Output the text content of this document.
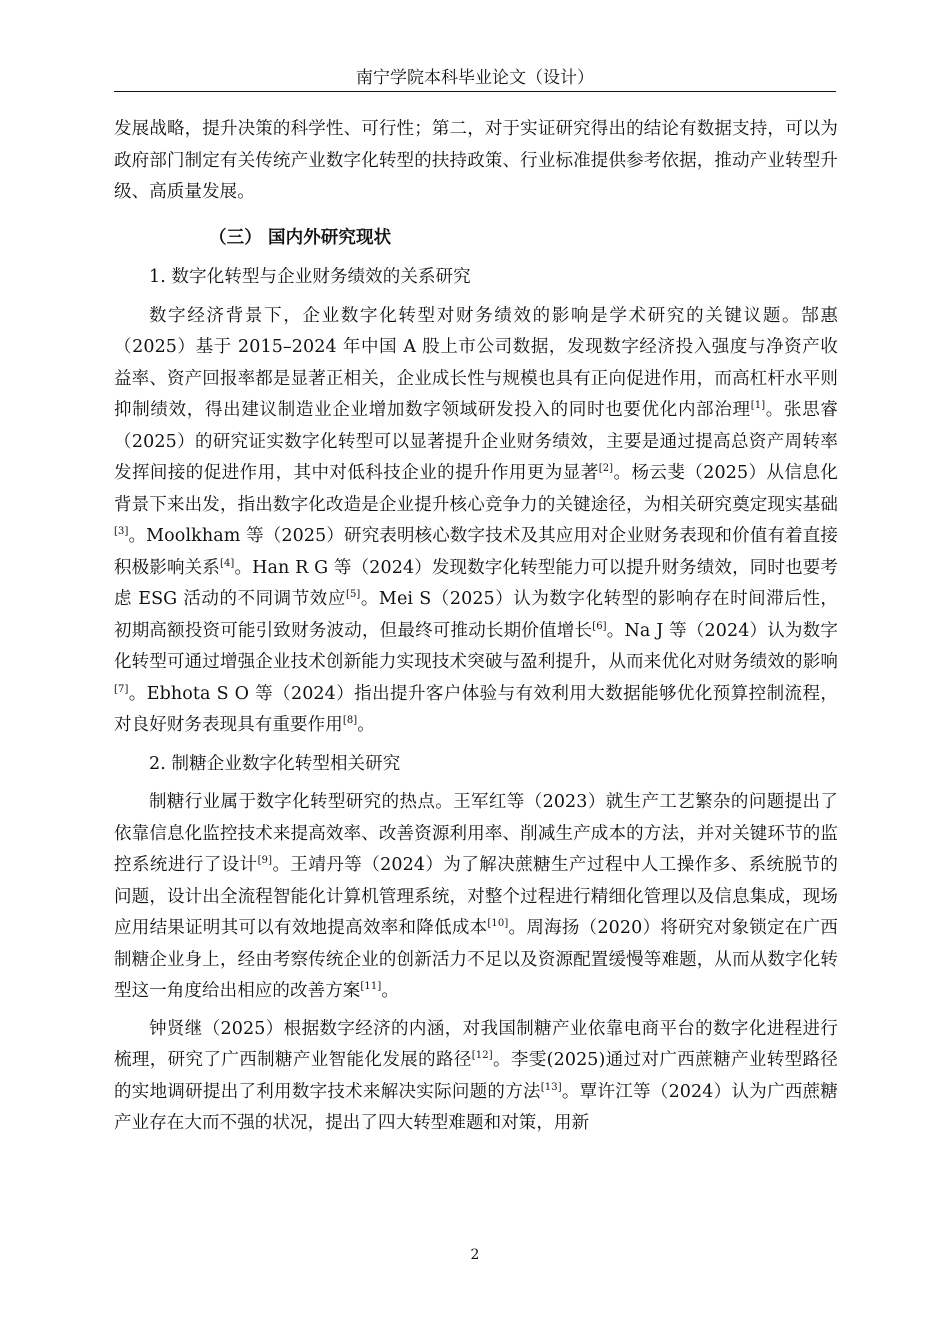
南宁学院本科毕业论文（设计）

发展战略，提升决策的科学性、可行性；第二，对于实证研究得出的结论有数据支持，可以为政府部门制定有关传统产业数字化转型的扶持政策、行业标准提供参考依据，推动产业转型升级、高质量发展。

（三） 国内外研究现状

1. 数字化转型与企业财务绩效的关系研究

数字经济背景下，企业数字化转型对财务绩效的影响是学术研究的关键议题。郜惠（2025）基于 2015–2024 年中国 A 股上市公司数据，发现数字经济投入强度与净资产收益率、资产回报率都是显著正相关，企业成长性与规模也具有正向促进作用，而高杠杆水平则抑制绩效，得出建议制造业企业增加数字领域研发投入的同时也要优化内部治理[1]。张思睿（2025）的研究证实数字化转型可以显著提升企业财务绩效，主要是通过提高总资产周转率发挥间接的促进作用，其中对低科技企业的提升作用更为显著[2]。杨云斐（2025）从信息化背景下来出发，指出数字化改造是企业提升核心竞争力的关键途径，为相关研究奠定现实基础[3]。Moolkham 等（2025）研究表明核心数字技术及其应用对企业财务表现和价值有着直接积极影响关系[4]。Han R G 等（2024）发现数字化转型能力可以提升财务绩效，同时也要考虑 ESG 活动的不同调节效应[5]。Mei S（2025）认为数字化转型的影响存在时间滞后性，初期高额投资可能引致财务波动，但最终可推动长期价值增长[6]。Na J 等（2024）认为数字化转型可通过增强企业技术创新能力实现技术突破与盈利提升，从而来优化对财务绩效的影响[7]。Ebhota S O 等（2024）指出提升客户体验与有效利用大数据能够优化预算控制流程，对良好财务表现具有重要作用[8]。

2. 制糖企业数字化转型相关研究

制糖行业属于数字化转型研究的热点。王军红等（2023）就生产工艺繁杂的问题提出了依靠信息化监控技术来提高效率、改善资源利用率、削减生产成本的方法，并对关键环节的监控系统进行了设计[9]。王靖丹等（2024）为了解决蔗糖生产过程中人工操作多、系统脱节的问题，设计出全流程智能化计算机管理系统，对整个过程进行精细化管理以及信息集成，现场应用结果证明其可以有效地提高效率和降低成本[10]。周海扬（2020）将研究对象锁定在广西制糖企业身上，经由考察传统企业的创新活力不足以及资源配置缓慢等难题，从而从数字化转型这一角度给出相应的改善方案[11]。

钟贤继（2025）根据数字经济的内涵，对我国制糖产业依靠电商平台的数字化进程进行梳理，研究了广西制糖产业智能化发展的路径[12]。李雯(2025)通过对广西蔗糖产业转型路径的实地调研提出了利用数字技术来解决实际问题的方法[13]。覃许江等（2024）认为广西蔗糖产业存在大而不强的状况，提出了四大转型难题和对策，用新

2
